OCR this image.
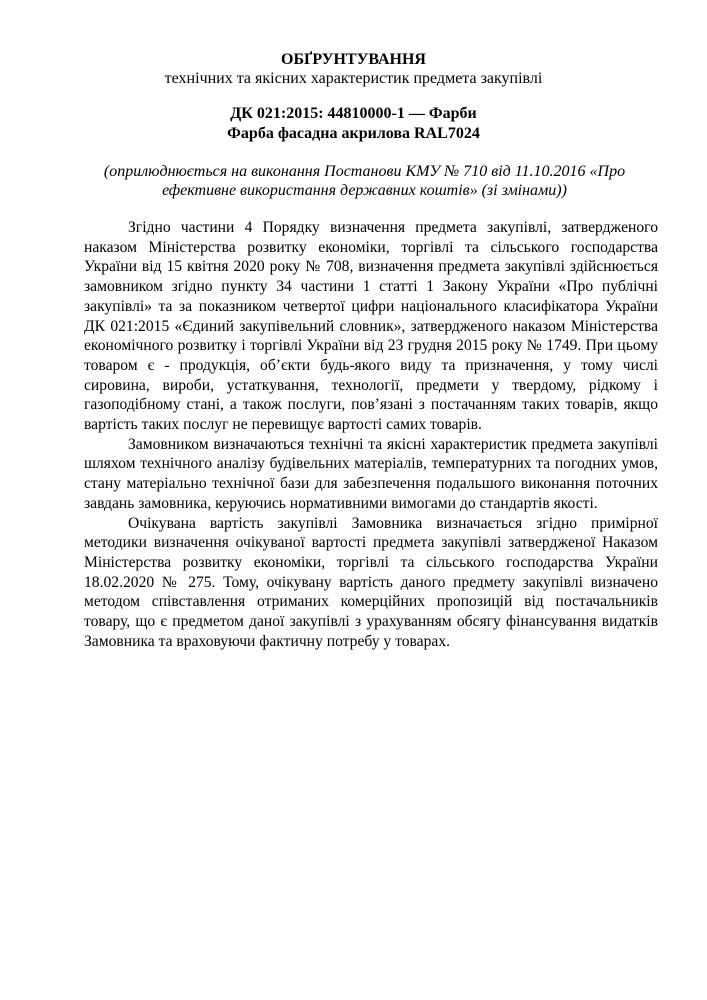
ОБҐРУНТУВАННЯ
технічних та якісних характеристик предмета закупівлі
ДК 021:2015: 44810000-1 — Фарби
Фарба фасадна акрилова RAL7024
(оприлюднюється на виконання Постанови КМУ № 710 від 11.10.2016 «Про ефективне використання державних коштів» (зі змінами))

Згідно частини 4 Порядку визначення предмета закупівлі, затвердженого наказом Міністерства розвитку економіки, торгівлі та сільського господарства України від 15 квітня 2020 року № 708, визначення предмета закупівлі здійснюється замовником згідно пункту 34 частини 1 статті 1 Закону України «Про публічні закупівлі» та за показником четвертої цифри національного класифікатора України ДК 021:2015 «Єдиний закупівельний словник», затвердженого наказом Міністерства економічного розвитку і торгівлі України від 23 грудня 2015 року № 1749. При цьому товаром є - продукція, об’єкти будь-якого виду та призначення, у тому числі сировина, вироби, устаткування, технології, предмети у твердому, рідкому і газоподібному стані, а також послуги, пов’язані з постачанням таких товарів, якщо вартість таких послуг не перевищує вартості самих товарів.

Замовником визначаються технічні та якісні характеристик предмета закупівлі шляхом технічного аналізу будівельних матеріалів, температурних та погодних умов, стану матеріально технічної бази для забезпечення подальшого виконання поточних завдань замовника, керуючись нормативними вимогами до стандартів якості.

Очікувана вартість закупівлі Замовника визначається згідно примірної методики визначення очікуваної вартості предмета закупівлі затвердженої Наказом Міністерства розвитку економіки, торгівлі та сільського господарства України 18.02.2020 № 275. Тому, очікувану вартість даного предмету закупівлі визначено методом співставлення отриманих комерційних пропозицій від постачальників товару, що є предметом даної закупівлі з урахуванням обсягу фінансування видатків Замовника та враховуючи фактичну потребу у товарах.
